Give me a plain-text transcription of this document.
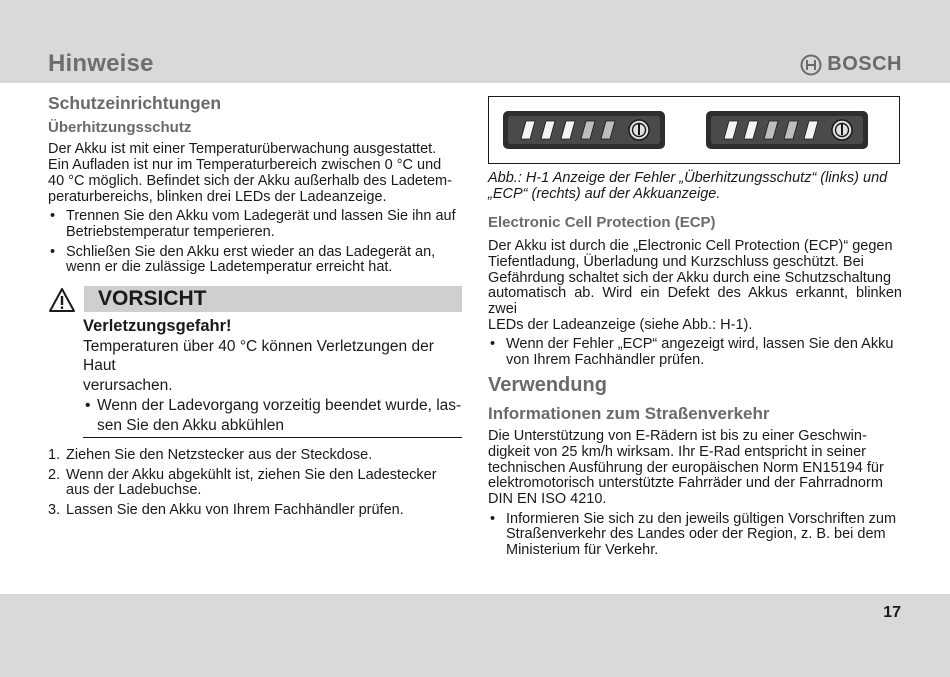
Hinweise	BOSCH
Schutzeinrichtungen
Überhitzungsschutz

Der Akku ist mit einer Temperaturüberwachung ausgestattet.

Ein Aufladen ist nur im Temperaturbereich zwischen 0 °C und

40 °C möglich. Befindet sich der Akku außerhalb des Ladetem-

peraturbereichs, blinken drei LEDs der Ladeanzeige.

• Trennen Sie den Akku vom Ladegerät und lassen Sie ihn auf
Betriebstemperatur temperieren.
• Schließen Sie den Akku erst wieder an das Ladegerät an,
wenn er die zulässige Ladetemperatur erreicht hat.
VORSICHT
Verletzungsgefahr!

Temperaturen über 40 °C können Verletzungen der Haut

verursachen.

• Wenn der Ladevorgang vorzeitig beendet wurde, las-
sen Sie den Akku abkühlen
1. Ziehen Sie den Netzstecker aus der Steckdose.
2. Wenn der Akku abgekühlt ist, ziehen Sie den Ladestecker
aus der Ladebuchse.
3. Lassen Sie den Akku von Ihrem Fachhändler prüfen.
Abb.: H-1 Anzeige der Fehler „Überhitzungsschutz“ (links) und
„ECP“ (rechts) auf der Akkuanzeige.
Electronic Cell Protection (ECP)

Der Akku ist durch die „Electronic Cell Protection (ECP)“ gegen

Tiefentladung, Überladung und Kurzschluss geschützt. Bei

Gefährdung schaltet sich der Akku durch eine Schutzschaltung

automatisch ab. Wird ein Defekt des Akkus erkannt, blinken zwei

LEDs der Ladeanzeige (siehe Abb.: H-1).

• Wenn der Fehler „ECP“ angezeigt wird, lassen Sie den Akku
von Ihrem Fachhändler prüfen.
Verwendung
Informationen zum Straßenverkehr

Die Unterstützung von E-Rädern ist bis zu einer Geschwin-

digkeit von 25 km/h wirksam. Ihr E-Rad entspricht in seiner

technischen Ausführung der europäischen Norm EN15194 für

elektromotorisch unterstützte Fahrräder und der Fahrradnorm

DIN EN ISO 4210.

• Informieren Sie sich zu den jeweils gültigen Vorschriften zum
Straßenverkehr des Landes oder der Region, z. B. bei dem
Ministerium für Verkehr.
17
